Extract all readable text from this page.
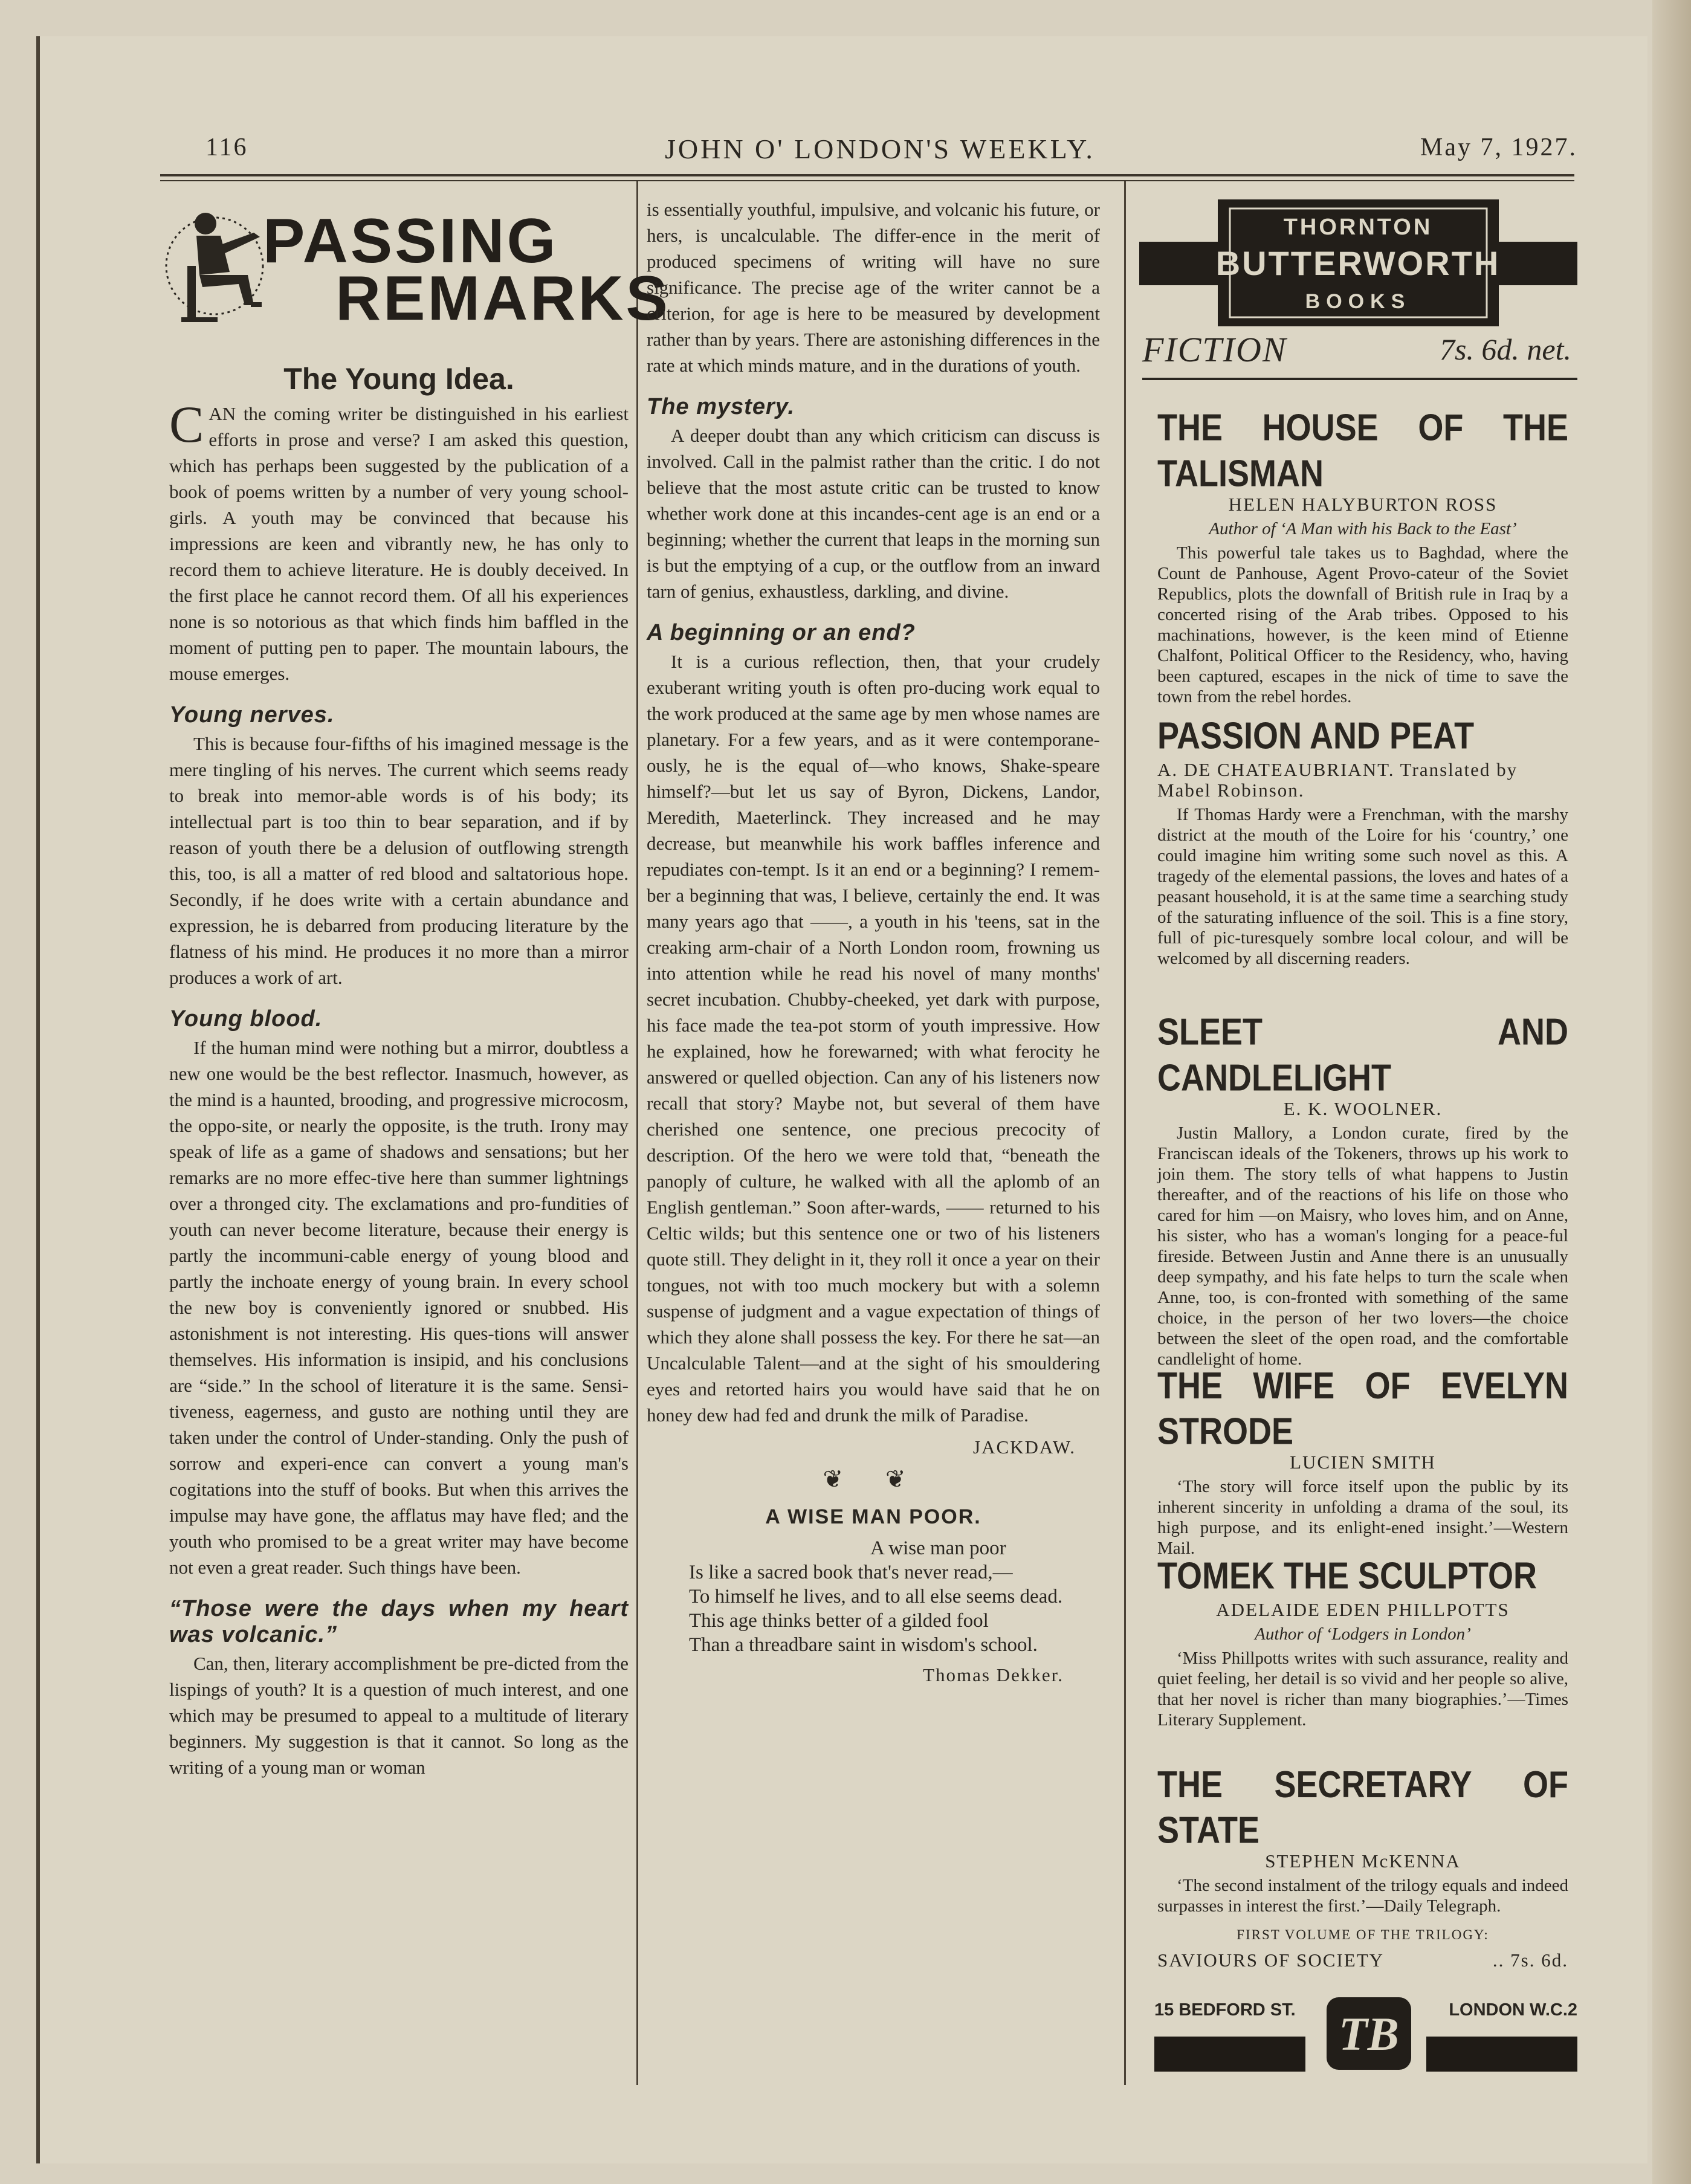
116	JOHN O' LONDON'S WEEKLY.	May 7, 1927.
PASSING
REMARKS
The Young Idea.

CAN the coming writer be distinguished in his earliest efforts in prose and verse? I am asked this question, which has perhaps been suggested by the publication of a book of poems written by a number of very young school-girls. A youth may be convinced that because his impressions are keen and vibrantly new, he has only to record them to achieve literature. He is doubly deceived. In the first place he cannot record them. Of all his experiences none is so notorious as that which finds him baffled in the moment of putting pen to paper. The mountain labours, the mouse emerges.

Young nerves.

This is because four-fifths of his imagined message is the mere tingling of his nerves. The current which seems ready to break into memor-able words is of his body; its intellectual part is too thin to bear separation, and if by reason of youth there be a delusion of outflowing strength this, too, is all a matter of red blood and saltatorious hope. Secondly, if he does write with a certain abundance and expression, he is debarred from producing literature by the flatness of his mind. He produces it no more than a mirror produces a work of art.

Young blood.

If the human mind were nothing but a mirror, doubtless a new one would be the best reflector. Inasmuch, however, as the mind is a haunted, brooding, and progressive microcosm, the oppo-site, or nearly the opposite, is the truth. Irony may speak of life as a game of shadows and sensations; but her remarks are no more effec-tive here than summer lightnings over a thronged city. The exclamations and pro-fundities of youth can never become literature, because their energy is partly the incommuni-cable energy of young blood and partly the inchoate energy of young brain. In every school the new boy is conveniently ignored or snubbed. His astonishment is not interesting. His ques-tions will answer themselves. His information is insipid, and his conclusions are “side.” In the school of literature it is the same. Sensi-tiveness, eagerness, and gusto are nothing until they are taken under the control of Under-standing. Only the push of sorrow and experi-ence can convert a young man's cogitations into the stuff of books. But when this arrives the impulse may have gone, the afflatus may have fled; and the youth who promised to be a great writer may have become not even a great reader. Such things have been.

“Those were the days when my heart was volcanic.”

Can, then, literary accomplishment be pre-dicted from the lispings of youth? It is a question of much interest, and one which may be presumed to appeal to a multitude of literary beginners. My suggestion is that it cannot. So long as the writing of a young man or woman

is essentially youthful, impulsive, and volcanic his future, or hers, is uncalculable. The differ-ence in the merit of produced specimens of writing will have no sure significance. The precise age of the writer cannot be a criterion, for age is here to be measured by development rather than by years. There are astonishing differences in the rate at which minds mature, and in the durations of youth.

The mystery.

A deeper doubt than any which criticism can discuss is involved. Call in the palmist rather than the critic. I do not believe that the most astute critic can be trusted to know whether work done at this incandes-cent age is an end or a beginning; whether the current that leaps in the morning sun is but the emptying of a cup, or the outflow from an inward tarn of genius, exhaustless, darkling, and divine.

A beginning or an end?

It is a curious reflection, then, that your crudely exuberant writing youth is often pro-ducing work equal to the work produced at the same age by men whose names are planetary. For a few years, and as it were contemporane-ously, he is the equal of—who knows, Shake-speare himself?—but let us say of Byron, Dickens, Landor, Meredith, Maeterlinck. They increased and he may decrease, but meanwhile his work baffles inference and repudiates con-tempt. Is it an end or a beginning? I remem-ber a beginning that was, I believe, certainly the end. It was many years ago that ——, a youth in his 'teens, sat in the creaking arm-chair of a North London room, frowning us into attention while he read his novel of many months' secret incubation. Chubby-cheeked, yet dark with purpose, his face made the tea-pot storm of youth impressive. How he explained, how he forewarned; with what ferocity he answered or quelled objection. Can any of his listeners now recall that story? Maybe not, but several of them have cherished one sentence, one precious precocity of description. Of the hero we were told that, “beneath the panoply of culture, he walked with all the aplomb of an English gentleman.” Soon after-wards, —— returned to his Celtic wilds; but this sentence one or two of his listeners quote still. They delight in it, they roll it once a year on their tongues, not with too much mockery but with a solemn suspense of judgment and a vague expectation of things of which they alone shall possess the key. For there he sat—an Uncalculable Talent—and at the sight of his smouldering eyes and retorted hairs you would have said that he on honey dew had fed and drunk the milk of Paradise.

JACKDAW.
❦ ❦
A WISE MAN POOR.
A wise man poor
Is like a sacred book that's never read,—
To himself he lives, and to all else seems dead.
This age thinks better of a gilded fool
Than a threadbare saint in wisdom's school.
Thomas Dekker.
THORNTON
BUTTERWORTH
BOOKS
FICTION	7s. 6d. net.
THE HOUSE OF THE TALISMAN
HELEN HALYBURTON ROSS
Author of ‘A Man with his Back to the East’
This powerful tale takes us to Baghdad, where the Count de Panhouse, Agent Provo-cateur of the Soviet Republics, plots the downfall of British rule in Iraq by a concerted rising of the Arab tribes. Opposed to his machinations, however, is the keen mind of Etienne Chalfont, Political Officer to the Residency, who, having been captured, escapes in the nick of time to save the town from the rebel hordes.
PASSION AND PEAT
A. DE CHATEAUBRIANT. Translated by Mabel Robinson.
If Thomas Hardy were a Frenchman, with the marshy district at the mouth of the Loire for his ‘country,’ one could imagine him writing some such novel as this. A tragedy of the elemental passions, the loves and hates of a peasant household, it is at the same time a searching study of the saturating influence of the soil. This is a fine story, full of pic-turesquely sombre local colour, and will be welcomed by all discerning readers.
SLEET AND CANDLELIGHT
E. K. WOOLNER.
Justin Mallory, a London curate, fired by the Franciscan ideals of the Tokeners, throws up his work to join them. The story tells of what happens to Justin thereafter, and of the reactions of his life on those who cared for him —on Maisry, who loves him, and on Anne, his sister, who has a woman's longing for a peace-ful fireside. Between Justin and Anne there is an unusually deep sympathy, and his fate helps to turn the scale when Anne, too, is con-fronted with something of the same choice, in the person of her two lovers—the choice between the sleet of the open road, and the comfortable candlelight of home.
THE WIFE OF EVELYN STRODE
LUCIEN SMITH
‘The story will force itself upon the public by its inherent sincerity in unfolding a drama of the soul, its high purpose, and its enlight-ened insight.’—Western Mail.
TOMEK THE SCULPTOR
ADELAIDE EDEN PHILLPOTTS
Author of ‘Lodgers in London’
‘Miss Phillpotts writes with such assurance, reality and quiet feeling, her detail is so vivid and her people so alive, that her novel is richer than many biographies.’—Times Literary Supplement.
THE SECRETARY OF STATE
STEPHEN McKENNA
‘The second instalment of the trilogy equals and indeed surpasses in interest the first.’—Daily Telegraph.
FIRST VOLUME OF THE TRILOGY:
SAVIOURS OF SOCIETY	.. 7s. 6d.
15 BEDFORD ST.	LONDON W.C.2
TB
